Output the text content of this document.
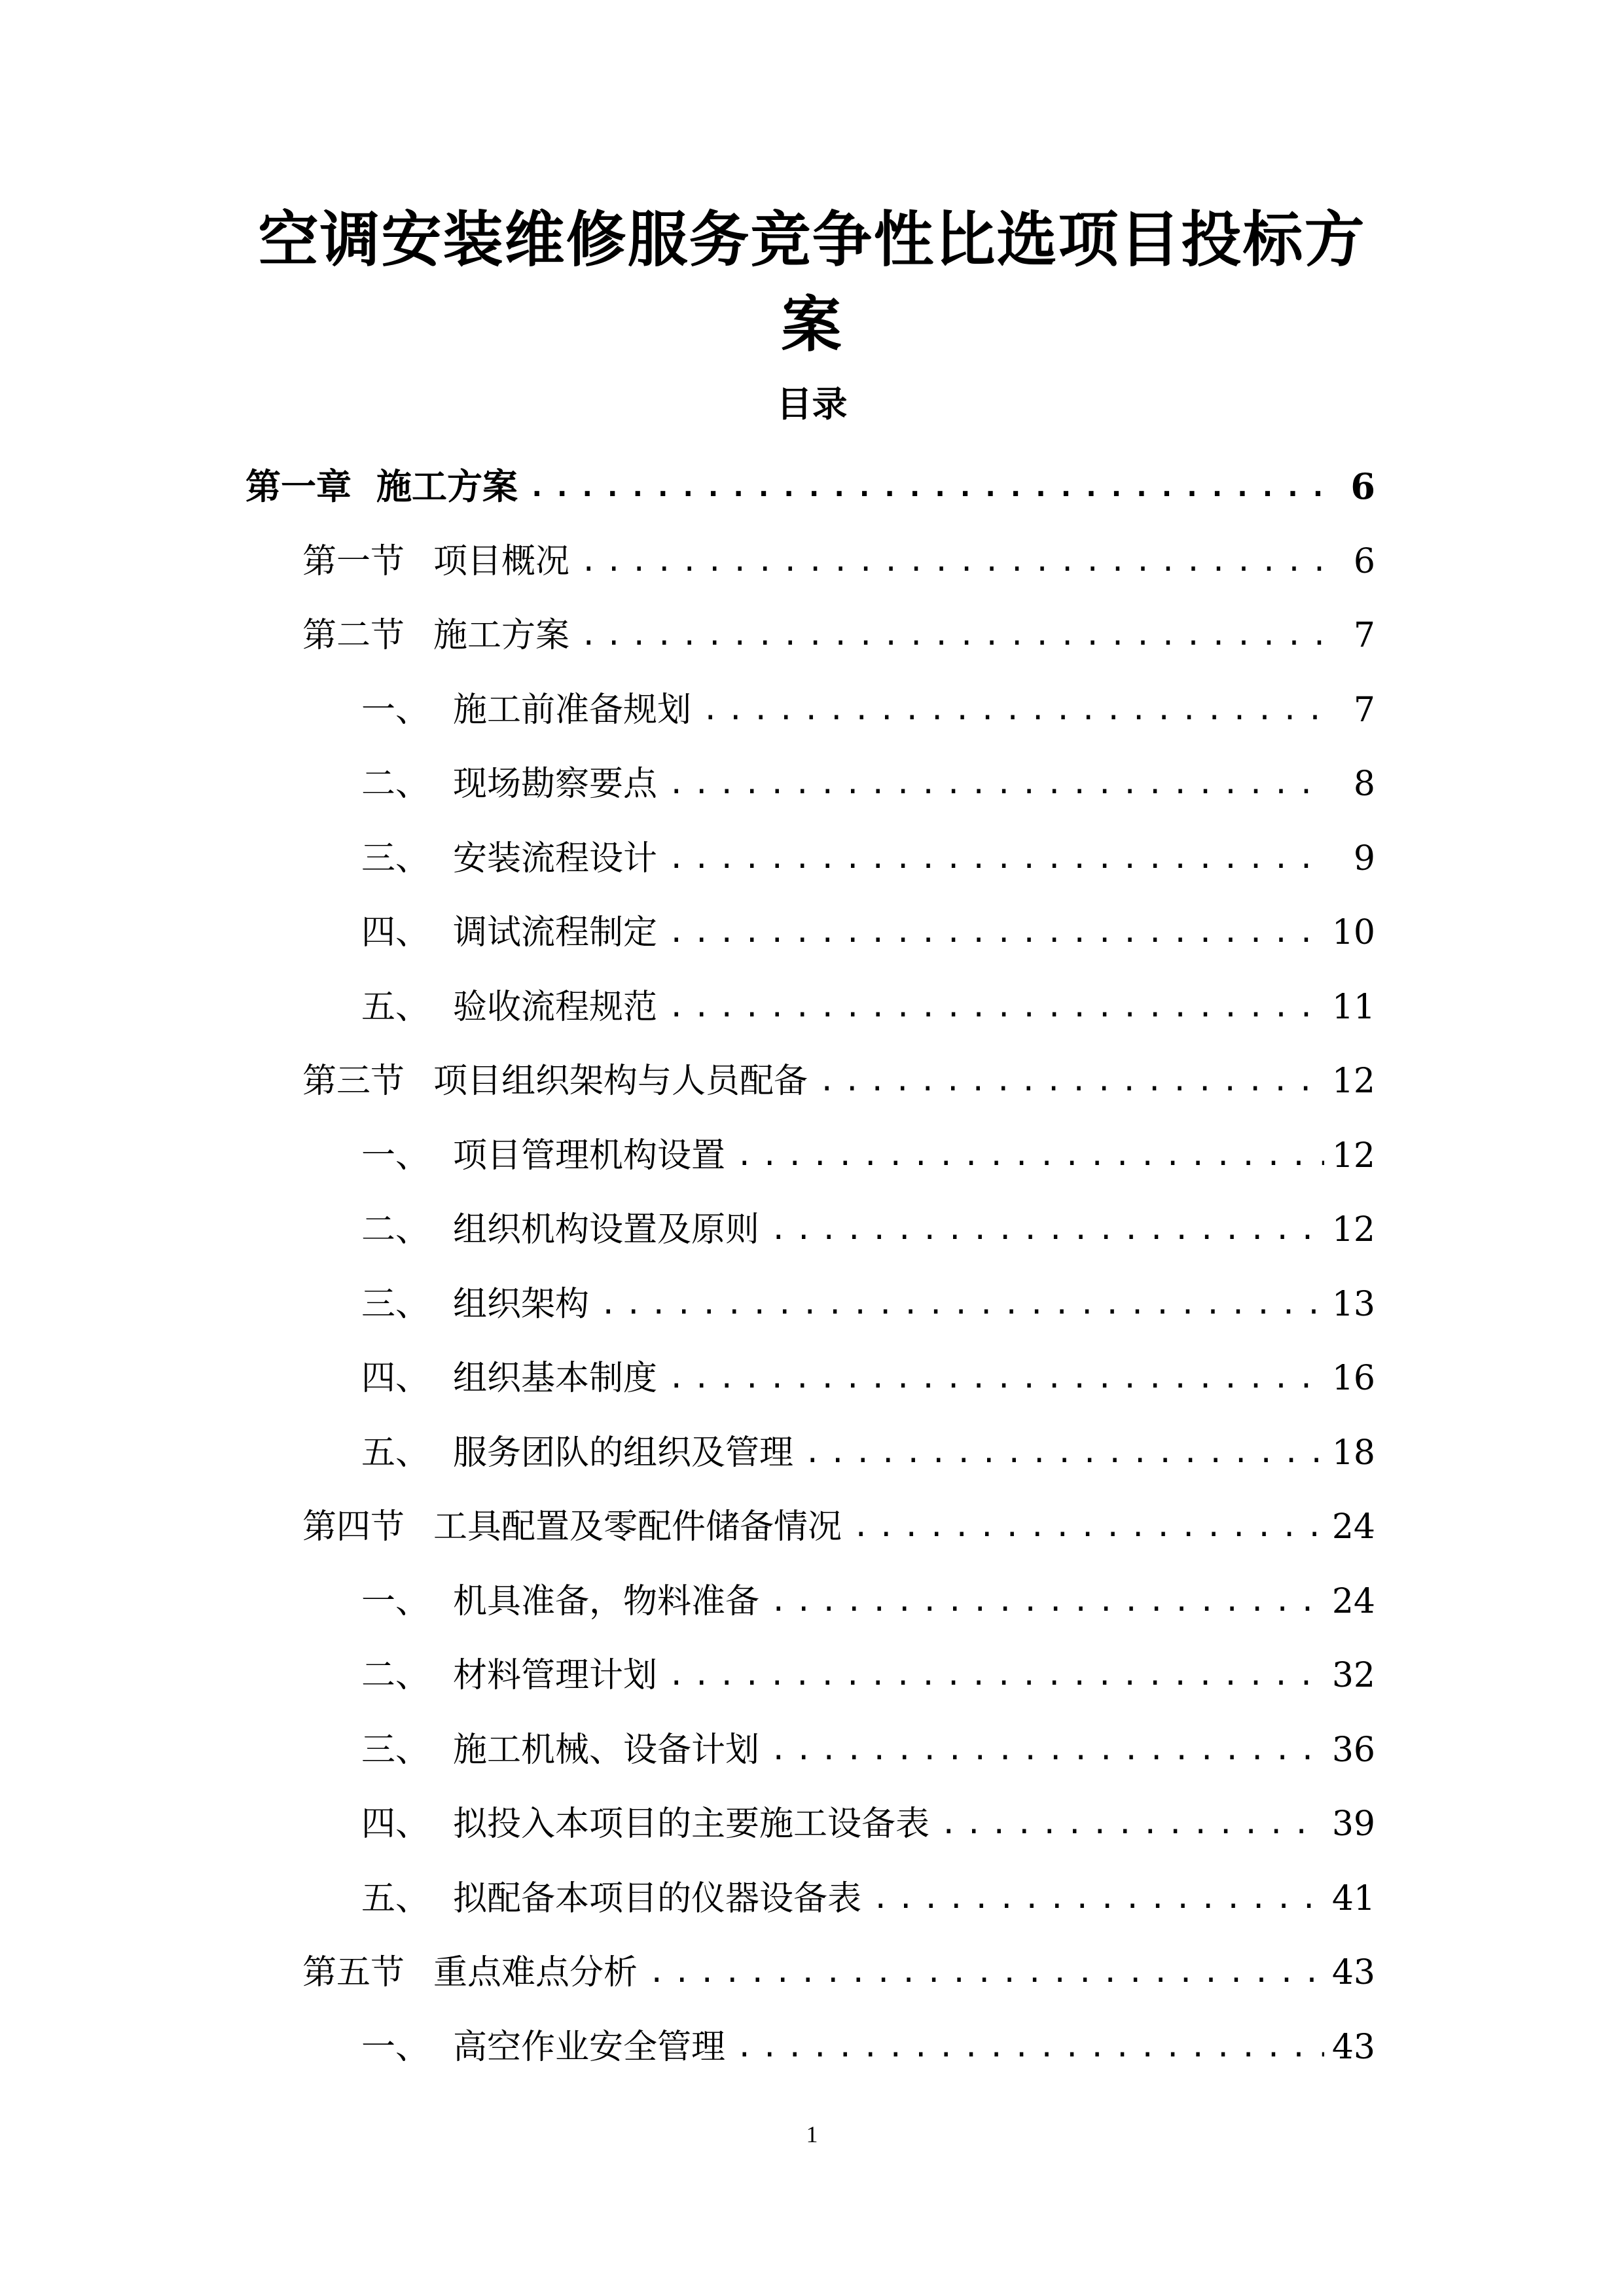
空调安装维修服务竞争性比选项目投标方
案
目录
第一章 施工方案 .....	6
第一节 项目概况 .....	6
第二节 施工方案 .....	7
一、 施工前准备规划 .....	7
二、 现场勘察要点 .....	8
三、 安装流程设计 .....	9
四、 调试流程制定 .....	10
五、 验收流程规范 .....	11
第三节 项目组织架构与人员配备 .....	12
一、 项目管理机构设置 .....	12
二、 组织机构设置及原则 .....	12
三、 组织架构 .....	13
四、 组织基本制度 .....	16
五、 服务团队的组织及管理 .....	18
第四节 工具配置及零配件储备情况 .....	24
一、 机具准备，物料准备 .....	24
二、 材料管理计划 .....	32
三、 施工机械、设备计划 .....	36
四、 拟投入本项目的主要施工设备表 .....	39
五、 拟配备本项目的仪器设备表 .....	41
第五节 重点难点分析 .....	43
一、 高空作业安全管理 .....	43

1
